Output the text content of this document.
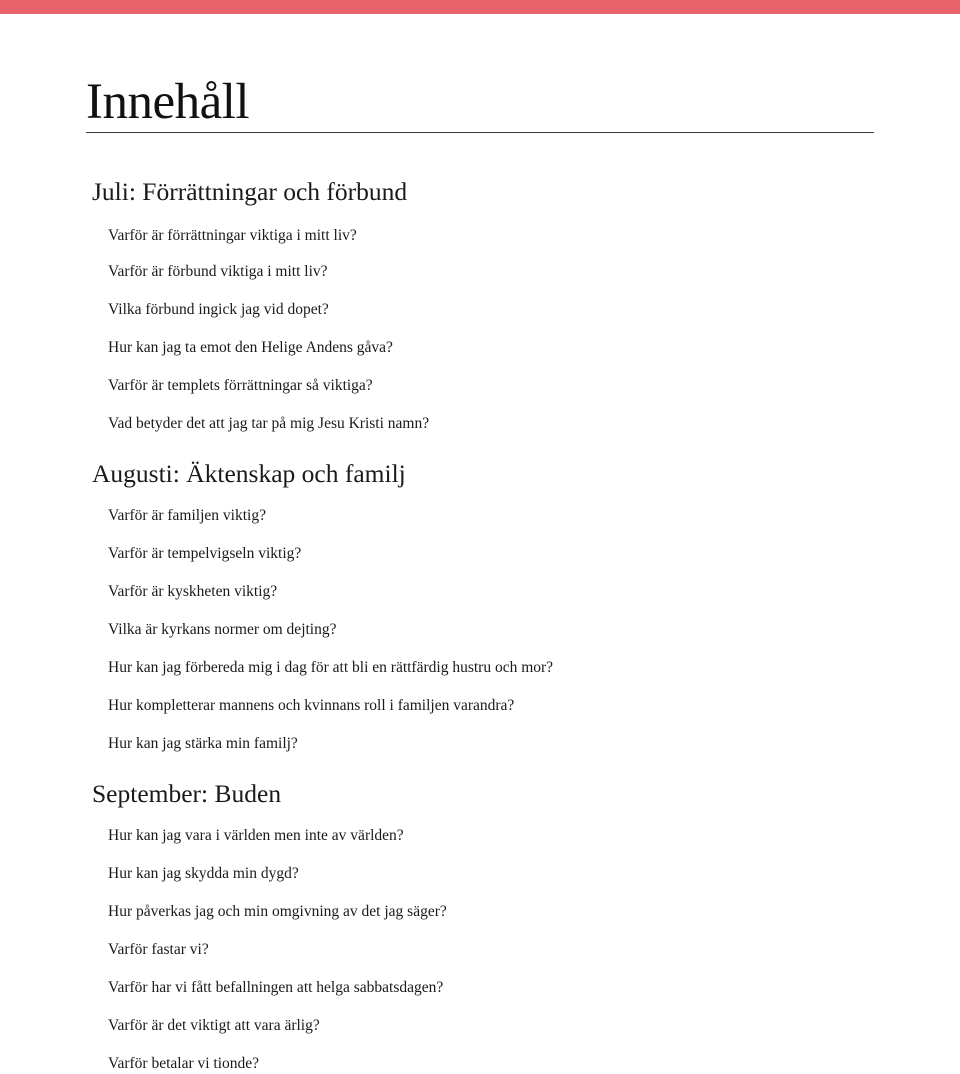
Innehåll
Juli: Förrättningar och förbund
Varför är förrättningar viktiga i mitt liv?
Varför är förbund viktiga i mitt liv?
Vilka förbund ingick jag vid dopet?
Hur kan jag ta emot den Helige Andens gåva?
Varför är templets förrättningar så viktiga?
Vad betyder det att jag tar på mig Jesu Kristi namn?
Augusti: Äktenskap och familj
Varför är familjen viktig?
Varför är tempelvigseln viktig?
Varför är kyskheten viktig?
Vilka är kyrkans normer om dejting?
Hur kan jag förbereda mig i dag för att bli en rättfärdig hustru och mor?
Hur kompletterar mannens och kvinnans roll i familjen varandra?
Hur kan jag stärka min familj?
September: Buden
Hur kan jag vara i världen men inte av världen?
Hur kan jag skydda min dygd?
Hur påverkas jag och min omgivning av det jag säger?
Varför fastar vi?
Varför har vi fått befallningen att helga sabbatsdagen?
Varför är det viktigt att vara ärlig?
Varför betalar vi tionde?
